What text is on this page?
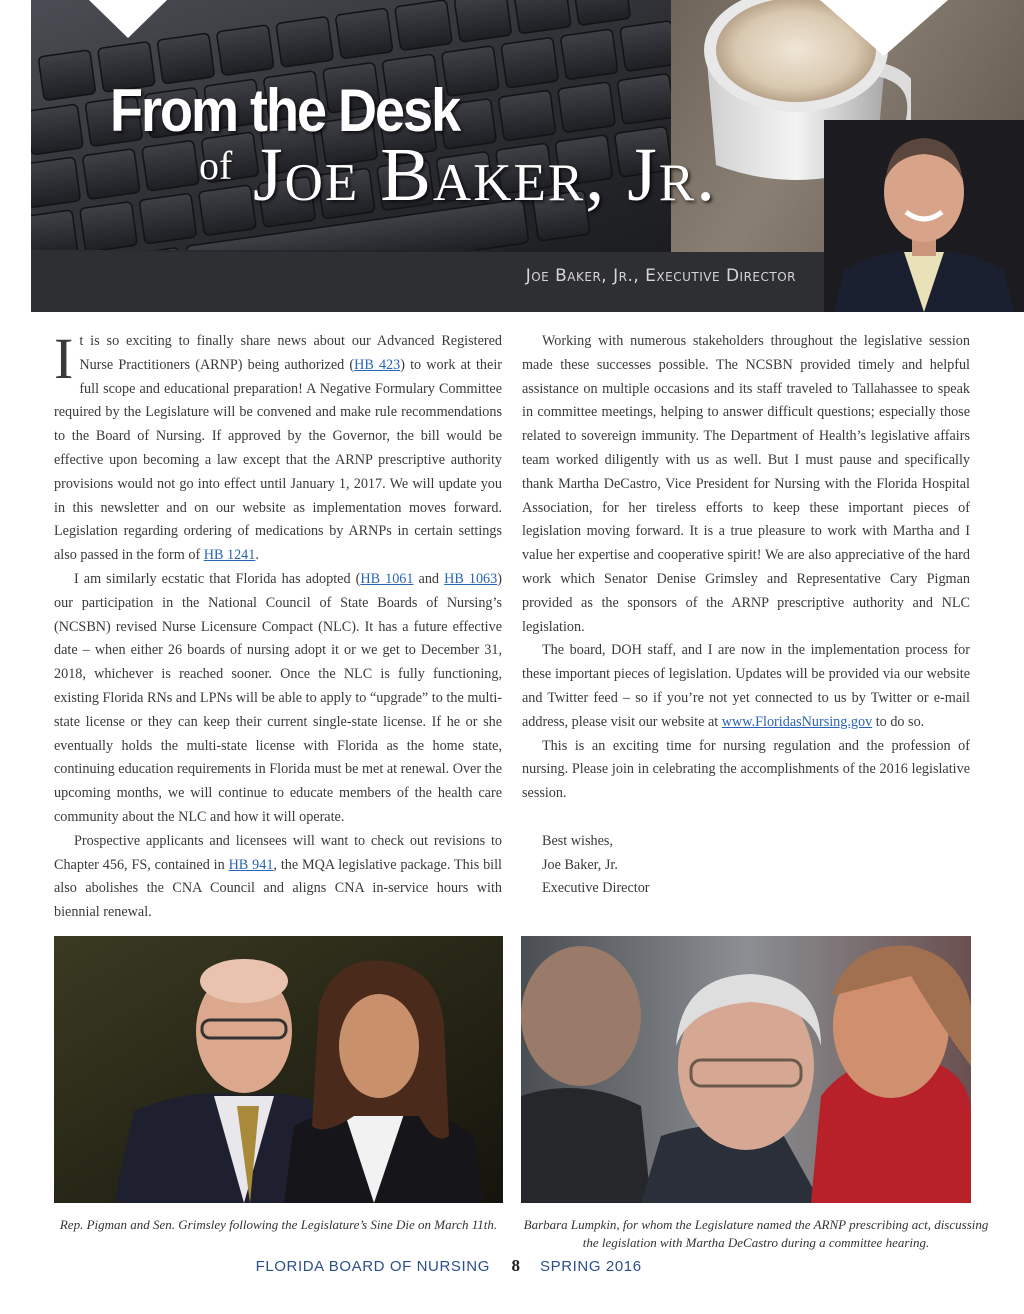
Joe Baker, Jr., Executive Director
From the Desk
of Joe Baker, Jr.

It is so exciting to finally share news about our Advanced Registered Nurse Practitioners (ARNP) being authorized (HB 423) to work at their full scope and educational preparation! A Negative Formulary Committee required by the Legislature will be convened and make rule recommendations to the Board of Nursing. If approved by the Governor, the bill would be effective upon becoming a law except that the ARNP prescriptive authority provisions would not go into effect until January 1, 2017. We will update you in this newsletter and on our website as implementation moves forward. Legislation regarding ordering of medications by ARNPs in certain settings also passed in the form of HB 1241.

I am similarly ecstatic that Florida has adopted (HB 1061 and HB 1063) our participation in the National Council of State Boards of Nursing’s (NCSBN) revised Nurse Licensure Compact (NLC). It has a future effective date – when either 26 boards of nursing adopt it or we get to December 31, 2018, whichever is reached sooner. Once the NLC is fully functioning, existing Florida RNs and LPNs will be able to apply to “upgrade” to the multi-state license or they can keep their current single-state license. If he or she eventually holds the multi-state license with Florida as the home state, continuing education requirements in Florida must be met at renewal. Over the upcoming months, we will continue to educate members of the health care community about the NLC and how it will operate.

Prospective applicants and licensees will want to check out revisions to Chapter 456, FS, contained in HB 941, the MQA legislative package. This bill also abolishes the CNA Council and aligns CNA in-service hours with biennial renewal.

Working with numerous stakeholders throughout the legislative session made these successes possible. The NCSBN provided timely and helpful assistance on multiple occasions and its staff traveled to Tallahassee to speak in committee meetings, helping to answer difficult questions; especially those related to sovereign immunity. The Department of Health’s legislative affairs team worked diligently with us as well. But I must pause and specifically thank Martha DeCastro, Vice President for Nursing with the Florida Hospital Association, for her tireless efforts to keep these important pieces of legislation moving forward. It is a true pleasure to work with Martha and I value her expertise and cooperative spirit! We are also appreciative of the hard work which Senator Denise Grimsley and Representative Cary Pigman provided as the sponsors of the ARNP prescriptive authority and NLC legislation.

The board, DOH staff, and I are now in the implementation process for these important pieces of legislation. Updates will be provided via our website and Twitter feed – so if you’re not yet connected to us by Twitter or e-mail address, please visit our website at www.FloridasNursing.gov to do so.

This is an exciting time for nursing regulation and the profession of nursing. Please join in celebrating the accomplishments of the 2016 legislative session.

Best wishes,
Joe Baker, Jr.
Executive Director
Rep. Pigman and Sen. Grimsley following the Legislature’s Sine Die on March 11th.	Barbara Lumpkin, for whom the Legislature named the ARNP prescribing act, discussing the legislation with Martha DeCastro during a committee hearing.
FLORIDA BOARD OF NURSING	8	SPRING 2016
